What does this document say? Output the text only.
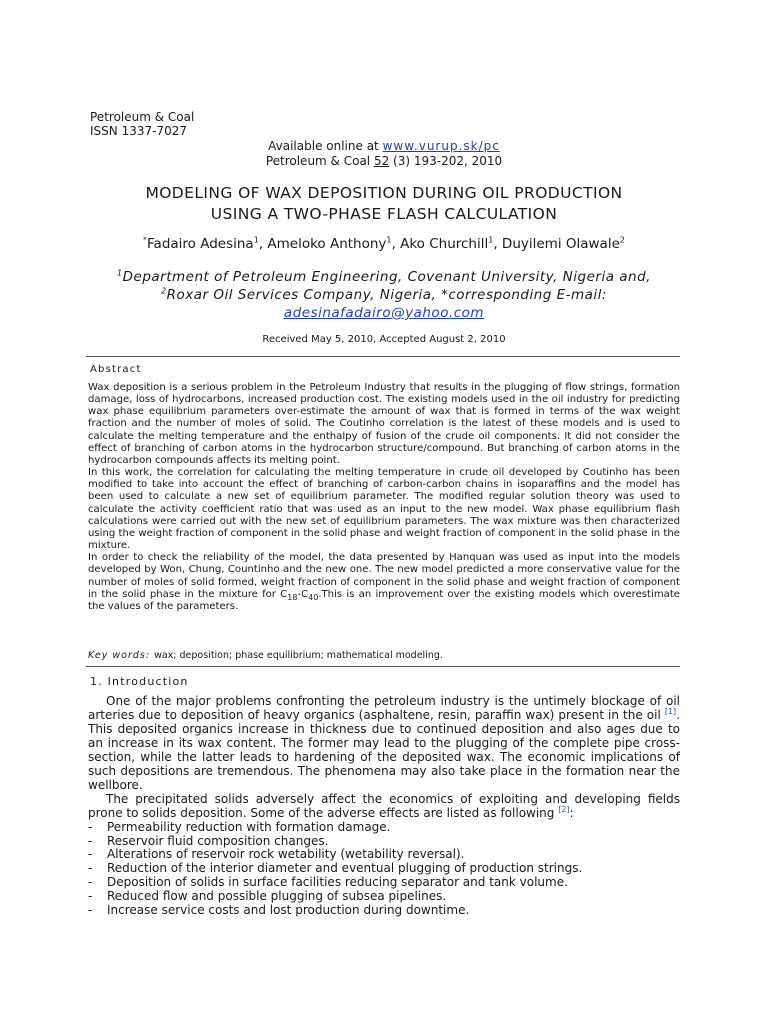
Petroleum & Coal
ISSN 1337-7027
Available online at www.vurup.sk/pc
Petroleum & Coal 52 (3) 193-202, 2010
MODELING OF WAX DEPOSITION DURING OIL PRODUCTION
USING A TWO-PHASE FLASH CALCULATION
*Fadairo Adesina$^1$, Ameloko Anthony$^1$, Ako Churchill$^1$, Duyilemi Olawale$^2$
$^1$Department of Petroleum Engineering, Covenant University, Nigeria and,
$^2$Roxar Oil Services Company, Nigeria, *corresponding E-mail:
adesinafadairo@yahoo.com
Received May 5, 2010, Accepted August 2, 2010
Abstract

Wax deposition is a serious problem in the Petroleum Industry that results in the plugging of flow strings, formation damage, loss of hydrocarbons, increased production cost. The existing models used in the oil industry for predicting wax phase equilibrium parameters over-estimate the amount of wax that is formed in terms of the wax weight fraction and the number of moles of solid. The Coutinho correlation is the latest of these models and is used to calculate the melting temperature and the enthalpy of fusion of the crude oil components. It did not consider the effect of branching of carbon atoms in the hydrocarbon structure/compound. But branching of carbon atoms in the hydrocarbon compounds affects its melting point.

In this work, the correlation for calculating the melting temperature in crude oil developed by Coutinho has been modified to take into account the effect of branching of carbon-carbon chains in isoparaffins and the model has been used to calculate a new set of equilibrium parameter. The modified regular solution theory was used to calculate the activity coefficient ratio that was used as an input to the new model. Wax phase equilibrium flash calculations were carried out with the new set of equilibrium parameters. The wax mixture was then characterized using the weight fraction of component in the solid phase and weight fraction of component in the solid phase in the mixture.

In order to check the reliability of the model, the data presented by Hanquan was used as input into the models developed by Won, Chung, Countinho and the new one. The new model predicted a more conservative value for the number of moles of solid formed, weight fraction of component in the solid phase and weight fraction of component in the solid phase in the mixture for $C_{18}-C_{40}.This$ is an improvement over the existing models which overestimate the values of the parameters.

Key words: wax; deposition; phase equilibrium; mathematical modeling.
1. Introduction

One of the major problems confronting the petroleum industry is the untimely blockage of oil arteries due to deposition of heavy organics (asphaltene, resin, paraffin wax) present in the oil [1]. This deposited organics increase in thickness due to continued deposition and also ages due to an increase in its wax content. The former may lead to the plugging of the complete pipe cross-section, while the latter leads to hardening of the deposited wax. The economic implications of such depositions are tremendous. The phenomena may also take place in the formation near the wellbore.

The precipitated solids adversely affect the economics of exploiting and developing fields prone to solids deposition. Some of the adverse effects are listed as following [2]:

- Permeability reduction with formation damage.
- Reservoir fluid composition changes.
- Alterations of reservoir rock wetability (wetability reversal).
- Reduction of the interior diameter and eventual plugging of production strings.
- Deposition of solids in surface facilities reducing separator and tank volume.
- Reduced flow and possible plugging of subsea pipelines.
- Increase service costs and lost production during downtime.
